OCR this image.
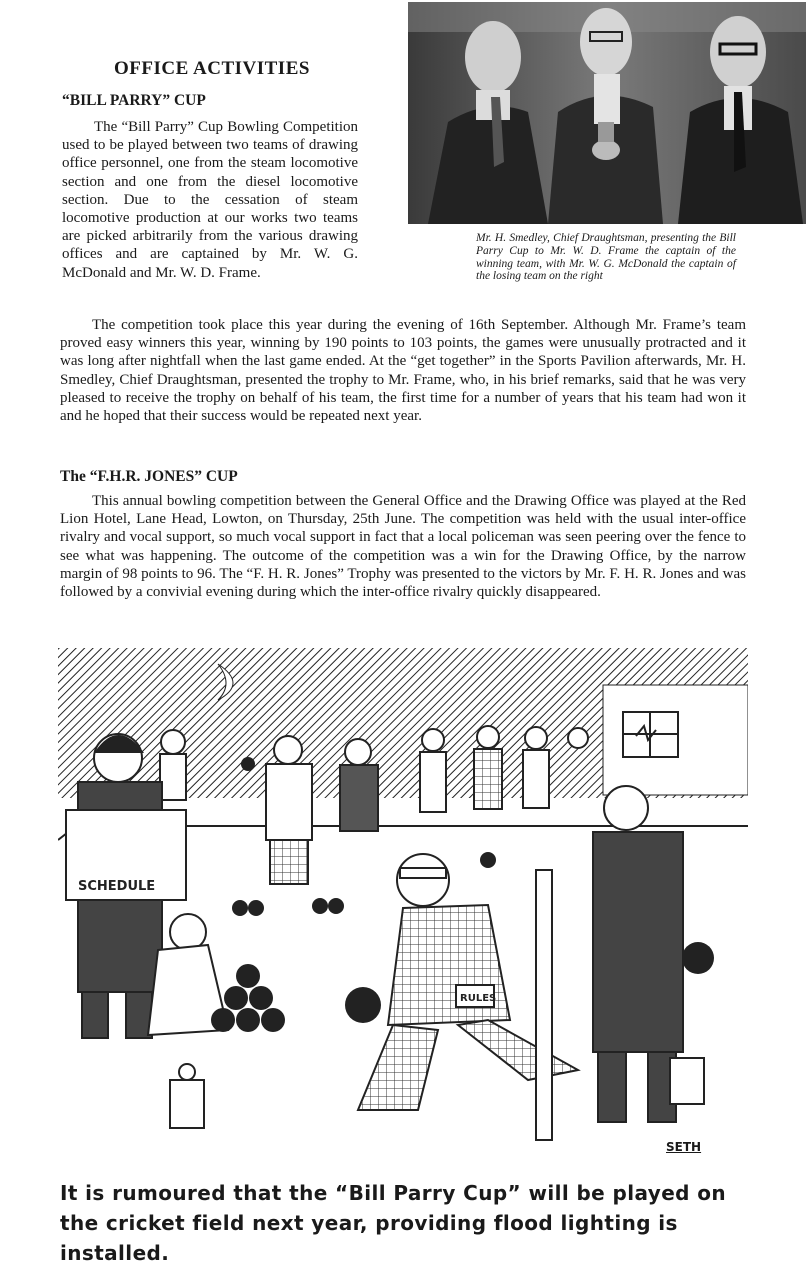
OFFICE ACTIVITIES
“BILL PARRY” CUP

The “Bill Parry” Cup Bowling Competition used to be played between two teams of drawing office personnel, one from the steam locomotive section and one from the diesel locomotive section. Due to the cessation of steam locomotive production at our works two teams are picked arbitrarily from the various drawing offices and are captained by Mr. W. G. McDonald and Mr. W. D. Frame.

Mr. H. Smedley, Chief Draughtsman, presenting the Bill Parry Cup to Mr. W. D. Frame the captain of the winning team, with Mr. W. G. McDonald the captain of the losing team on the right

The competition took place this year during the evening of 16th September. Although Mr. Frame’s team proved easy winners this year, winning by 190 points to 103 points, the games were unusually protracted and it was long after nightfall when the last game ended. At the “get together” in the Sports Pavilion afterwards, Mr. H. Smedley, Chief Draughtsman, presented the trophy to Mr. Frame, who, in his brief remarks, said that he was very pleased to receive the trophy on behalf of his team, the first time for a number of years that his team had won it and he hoped that their success would be repeated next year.

The “F.H.R. JONES” CUP

This annual bowling competition between the General Office and the Drawing Office was played at the Red Lion Hotel, Lane Head, Lowton, on Thursday, 25th June. The competition was held with the usual inter-office rivalry and vocal support, so much vocal support in fact that a local policeman was seen peering over the fence to see what was happening. The outcome of the competition was a win for the Drawing Office, by the narrow margin of 98 points to 96. The “F. H. R. Jones” Trophy was presented to the victors by Mr. F. H. R. Jones and was followed by a convivial evening during which the inter-office rivalry quickly disappeared.

SCHEDULE
RULES
SETH

It is rumoured that the “Bill Parry Cup” will be played on the cricket field next year, providing flood lighting is installed.
